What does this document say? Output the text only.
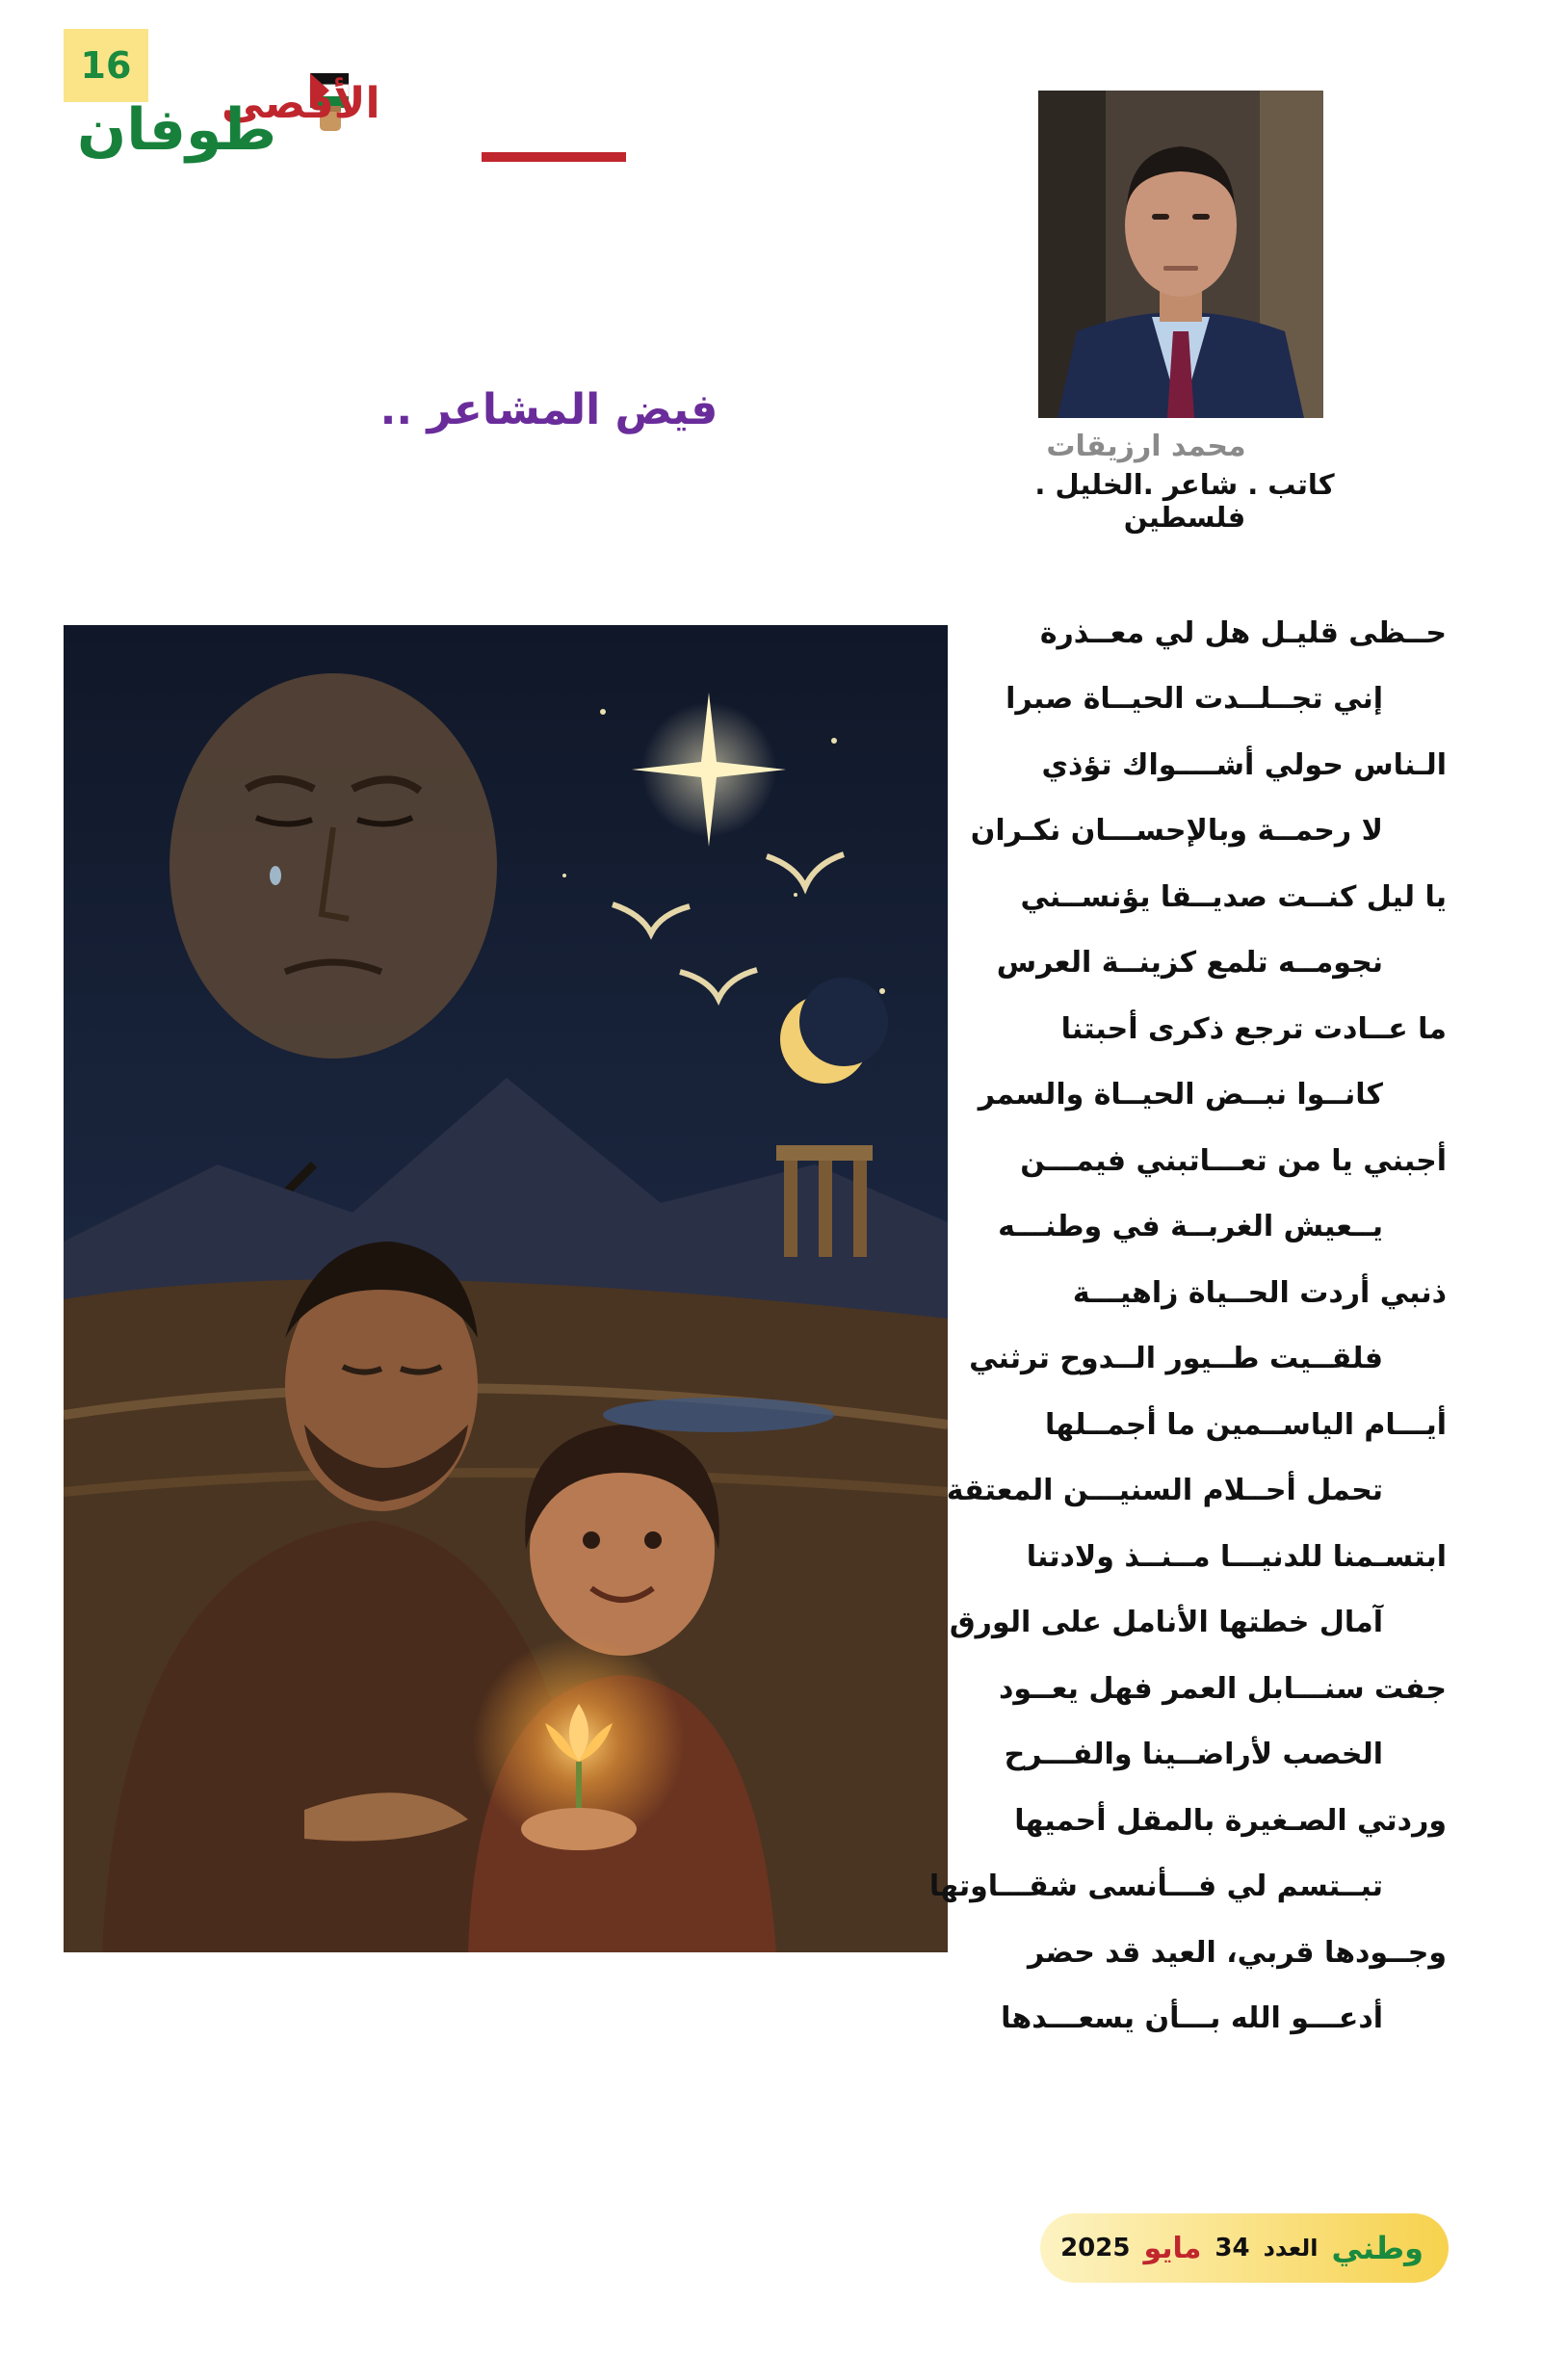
16
الأقصى
طوفان
محمد ارزيقات
كاتب . شاعر .الخليل . فلسطين
فيض المشاعر ..
حــظى قليـل هل لي معــذرة
إني تجــلــدت الحيــاة صبرا
الـناس حولي أشــــواك تؤذي
لا رحمــة وبالإحســـان نكـران
يا ليل كنــت صديــقا يؤنســني
نجومــه تلمع كزينــة العرس
ما عــادت ترجع ذكرى أحبتنا
كانــوا نبــض الحيــاة والسمر
أجبني يا من تعـــاتبني فيمـــن
يــعيش الغربــة في وطنـــه
ذنبي أردت الحــياة زاهيـــة
فلقــيت طــيور الــدوح ترثني
أيـــام الياســمين ما أجمــلها
تحمل أحــلام السنيـــن المعتقة
ابتسـمنا للدنيـــا مــنــذ ولادتنا
آمال خطتها الأنامل على الورق
جفت سنـــابل العمر فهل يعــود
الخصب لأراضــينا والفـــرح
وردتي الصـغيرة بالمقل أحميها
تبــتسم لي فـــأنسى شقـــاوتها
وجــودها قربي، العيد قد حضر
أدعـــو الله بـــأن يسعـــدها
وطني
العدد
34
مايو
2025
